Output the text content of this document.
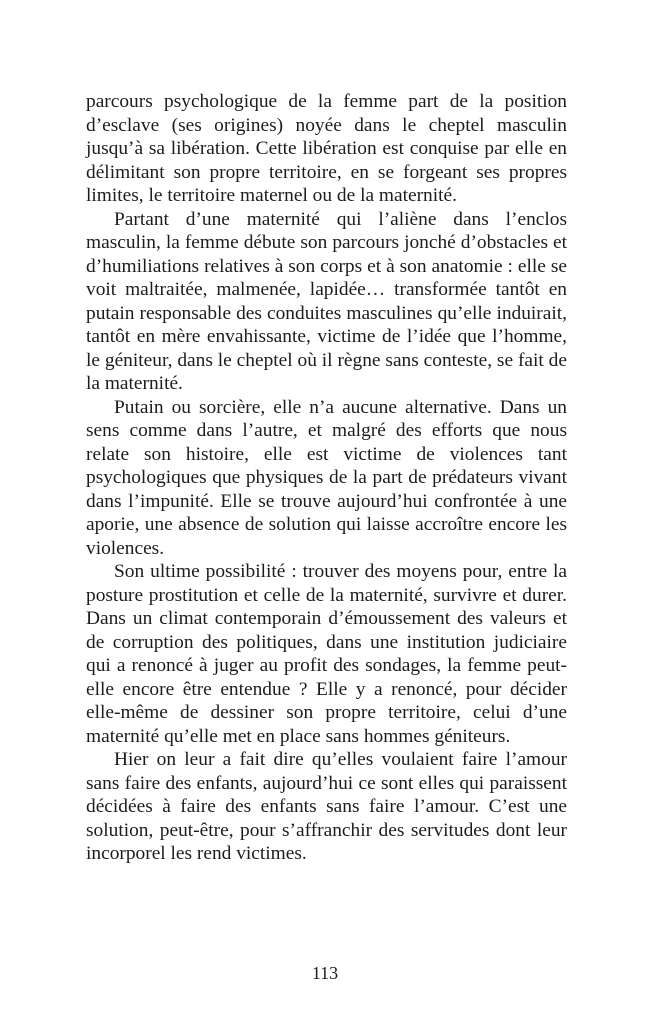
parcours psychologique de la femme part de la position d’esclave (ses origines) noyée dans le cheptel masculin jusqu’à sa libération. Cette libération est conquise par elle en délimitant son propre territoire, en se forgeant ses propres limites, le territoire maternel ou de la maternité.

Partant d’une maternité qui l’aliène dans l’enclos masculin, la femme débute son parcours jonché d’obstacles et d’humiliations relatives à son corps et à son anatomie : elle se voit maltraitée, malmenée, lapidée… transformée tantôt en putain responsable des conduites masculines qu’elle induirait, tantôt en mère envahissante, victime de l’idée que l’homme, le géniteur, dans le cheptel où il règne sans conteste, se fait de la maternité.

Putain ou sorcière, elle n’a aucune alternative. Dans un sens comme dans l’autre, et malgré des efforts que nous relate son histoire, elle est victime de violences tant psychologiques que physiques de la part de prédateurs vivant dans l’impunité. Elle se trouve aujourd’hui confrontée à une aporie, une absence de solution qui laisse accroître encore les violences.

Son ultime possibilité : trouver des moyens pour, entre la posture prostitution et celle de la maternité, survivre et durer. Dans un climat contemporain d’émoussement des valeurs et de corruption des politiques, dans une institution judiciaire qui a renoncé à juger au profit des sondages, la femme peut-elle encore être entendue ? Elle y a renoncé, pour décider elle-même de dessiner son propre territoire, celui d’une maternité qu’elle met en place sans hommes géniteurs.

Hier on leur a fait dire qu’elles voulaient faire l’amour sans faire des enfants, aujourd’hui ce sont elles qui paraissent décidées à faire des enfants sans faire l’amour. C’est une solution, peut-être, pour s’affranchir des servitudes dont leur incorporel les rend victimes.

113
